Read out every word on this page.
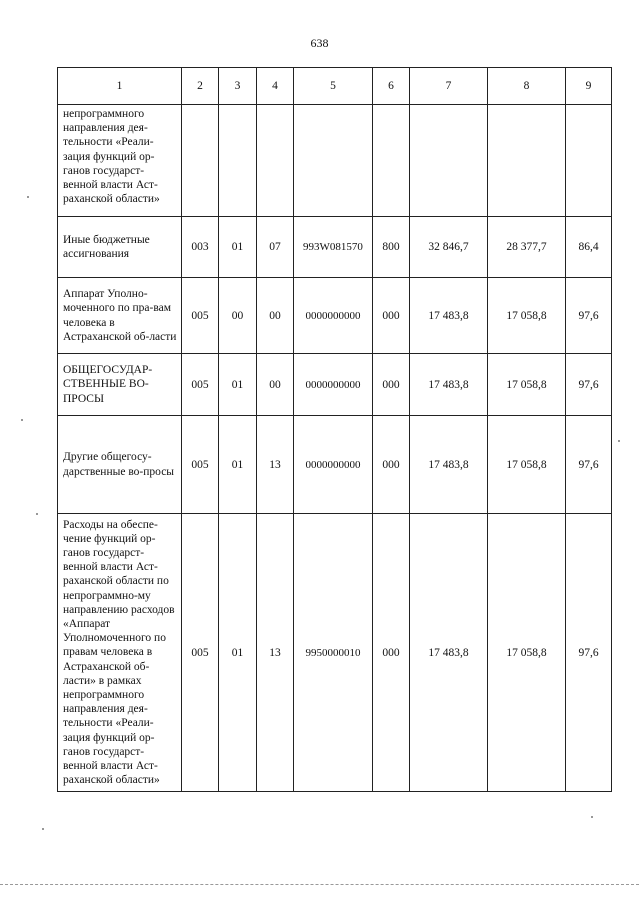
638
1	2	3	4	5	6	7	8	9
непрограммного направления дея-тельности «Реали-зация функций ор-ганов государст-венной власти Аст-раханской области»								
Иные бюджетные ассигнования	003	01	07	993W081570	800	32 846,7	28 377,7	86,4
Аппарат Уполно-моченного по пра-вам человека в Астраханской об-ласти	005	00	00	0000000000	000	17 483,8	17 058,8	97,6
ОБЩЕГОСУДАР-СТВЕННЫЕ ВО-ПРОСЫ	005	01	00	0000000000	000	17 483,8	17 058,8	97,6
Другие общегосу-дарственные во-просы	005	01	13	0000000000	000	17 483,8	17 058,8	97,6
Расходы на обеспе-чение функций ор-ганов государст-венной власти Аст-раханской области по непрограммно-му направлению расходов «Аппарат Уполномоченного по правам человека в Астраханской об-ласти» в рамках непрограммного направления дея-тельности «Реали-зация функций ор-ганов государст-венной власти Аст-раханской области»	005	01	13	9950000010	000	17 483,8	17 058,8	97,6
